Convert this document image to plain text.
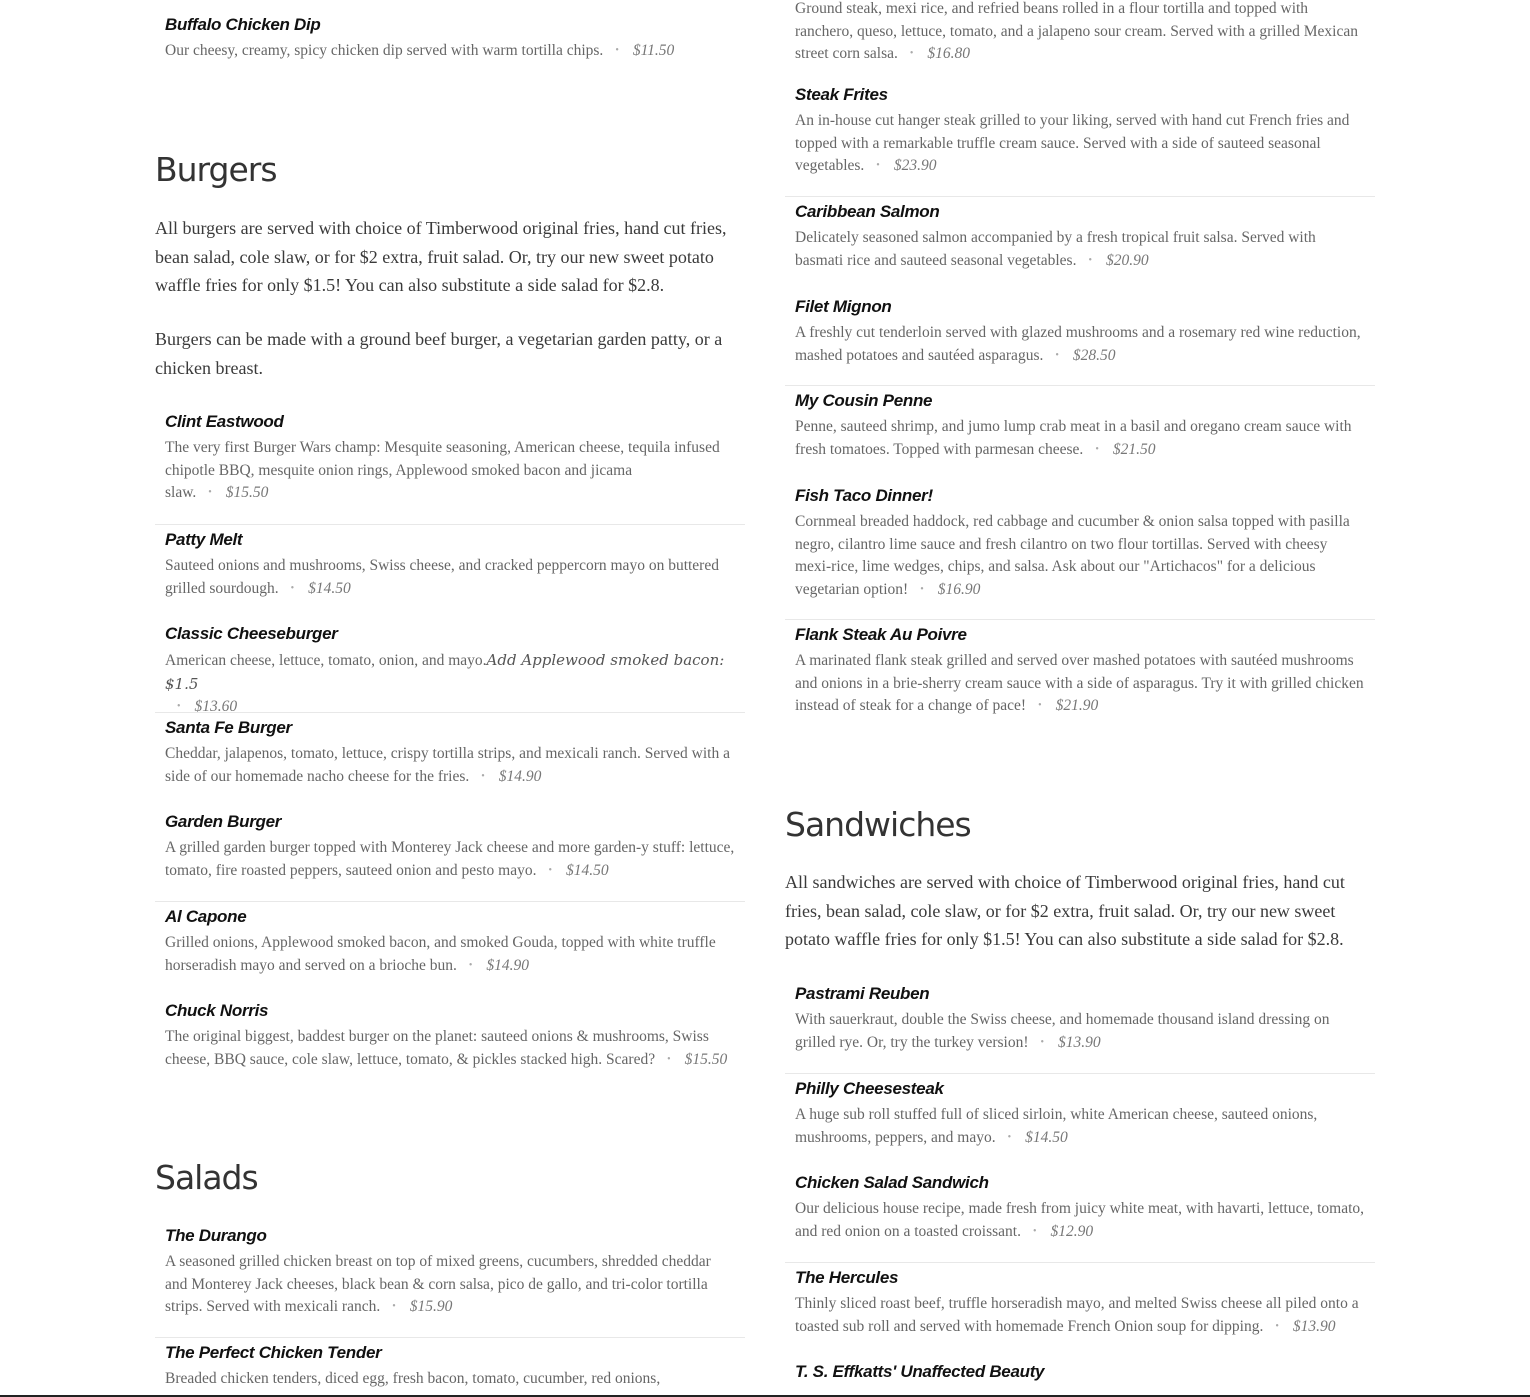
Buffalo Chicken Dip
Our cheesy, creamy, spicy chicken dip served with warm tortilla chips. • $11.50
Burgers

All burgers are served with choice of Timberwood original fries, hand cut fries, bean salad, cole slaw, or for $2 extra, fruit salad. Or, try our new sweet potato waffle fries for only $1.5! You can also substitute a side salad for $2.8.

Burgers can be made with a ground beef burger, a vegetarian garden patty, or a chicken breast.

Clint Eastwood
The very first Burger Wars champ: Mesquite seasoning, American cheese, tequila infused chipotle BBQ, mesquite onion rings, Applewood smoked bacon and jicama slaw. • $15.50
Patty Melt
Sauteed onions and mushrooms, Swiss cheese, and cracked peppercorn mayo on buttered grilled sourdough. • $14.50
Classic Cheeseburger
American cheese, lettuce, tomato, onion, and mayo.Add Applewood smoked bacon: $1.5
• $13.60
Santa Fe Burger
Cheddar, jalapenos, tomato, lettuce, crispy tortilla strips, and mexicali ranch. Served with a side of our homemade nacho cheese for the fries. • $14.90
Garden Burger
A grilled garden burger topped with Monterey Jack cheese and more garden-y stuff: lettuce, tomato, fire roasted peppers, sauteed onion and pesto mayo. • $14.50
Al Capone
Grilled onions, Applewood smoked bacon, and smoked Gouda, topped with white truffle horseradish mayo and served on a brioche bun. • $14.90
Chuck Norris
The original biggest, baddest burger on the planet: sauteed onions & mushrooms, Swiss cheese, BBQ sauce, cole slaw, lettuce, tomato, & pickles stacked high. Scared? • $15.50
Salads
The Durango
A seasoned grilled chicken breast on top of mixed greens, cucumbers, shredded cheddar and Monterey Jack cheeses, black bean & corn salsa, pico de gallo, and tri-color tortilla strips. Served with mexicali ranch. • $15.90
The Perfect Chicken Tender
Breaded chicken tenders, diced egg, fresh bacon, tomato, cucumber, red onions,
Ground steak, mexi rice, and refried beans rolled in a flour tortilla and topped with ranchero, queso, lettuce, tomato, and a jalapeno sour cream. Served with a grilled Mexican street corn salsa. • $16.80
Steak Frites
An in-house cut hanger steak grilled to your liking, served with hand cut French fries and topped with a remarkable truffle cream sauce. Served with a side of sauteed seasonal vegetables. • $23.90
Caribbean Salmon
Delicately seasoned salmon accompanied by a fresh tropical fruit salsa. Served with basmati rice and sauteed seasonal vegetables. • $20.90
Filet Mignon
A freshly cut tenderloin served with glazed mushrooms and a rosemary red wine reduction, mashed potatoes and sautéed asparagus. • $28.50
My Cousin Penne
Penne, sauteed shrimp, and jumo lump crab meat in a basil and oregano cream sauce with fresh tomatoes. Topped with parmesan cheese. • $21.50
Fish Taco Dinner!
Cornmeal breaded haddock, red cabbage and cucumber & onion salsa topped with pasilla negro, cilantro lime sauce and fresh cilantro on two flour tortillas. Served with cheesy mexi-rice, lime wedges, chips, and salsa. Ask about our "Artichacos" for a delicious vegetarian option! • $16.90
Flank Steak Au Poivre
A marinated flank steak grilled and served over mashed potatoes with sautéed mushrooms and onions in a brie-sherry cream sauce with a side of asparagus. Try it with grilled chicken instead of steak for a change of pace! • $21.90
Sandwiches

All sandwiches are served with choice of Timberwood original fries, hand cut fries, bean salad, cole slaw, or for $2 extra, fruit salad. Or, try our new sweet potato waffle fries for only $1.5! You can also substitute a side salad for $2.8.

Pastrami Reuben
With sauerkraut, double the Swiss cheese, and homemade thousand island dressing on grilled rye. Or, try the turkey version! • $13.90
Philly Cheesesteak
A huge sub roll stuffed full of sliced sirloin, white American cheese, sauteed onions, mushrooms, peppers, and mayo. • $14.50
Chicken Salad Sandwich
Our delicious house recipe, made fresh from juicy white meat, with havarti, lettuce, tomato, and red onion on a toasted croissant. • $12.90
The Hercules
Thinly sliced roast beef, truffle horseradish mayo, and melted Swiss cheese all piled onto a toasted sub roll and served with homemade French Onion soup for dipping. • $13.90
T. S. Effkatts' Unaffected Beauty
